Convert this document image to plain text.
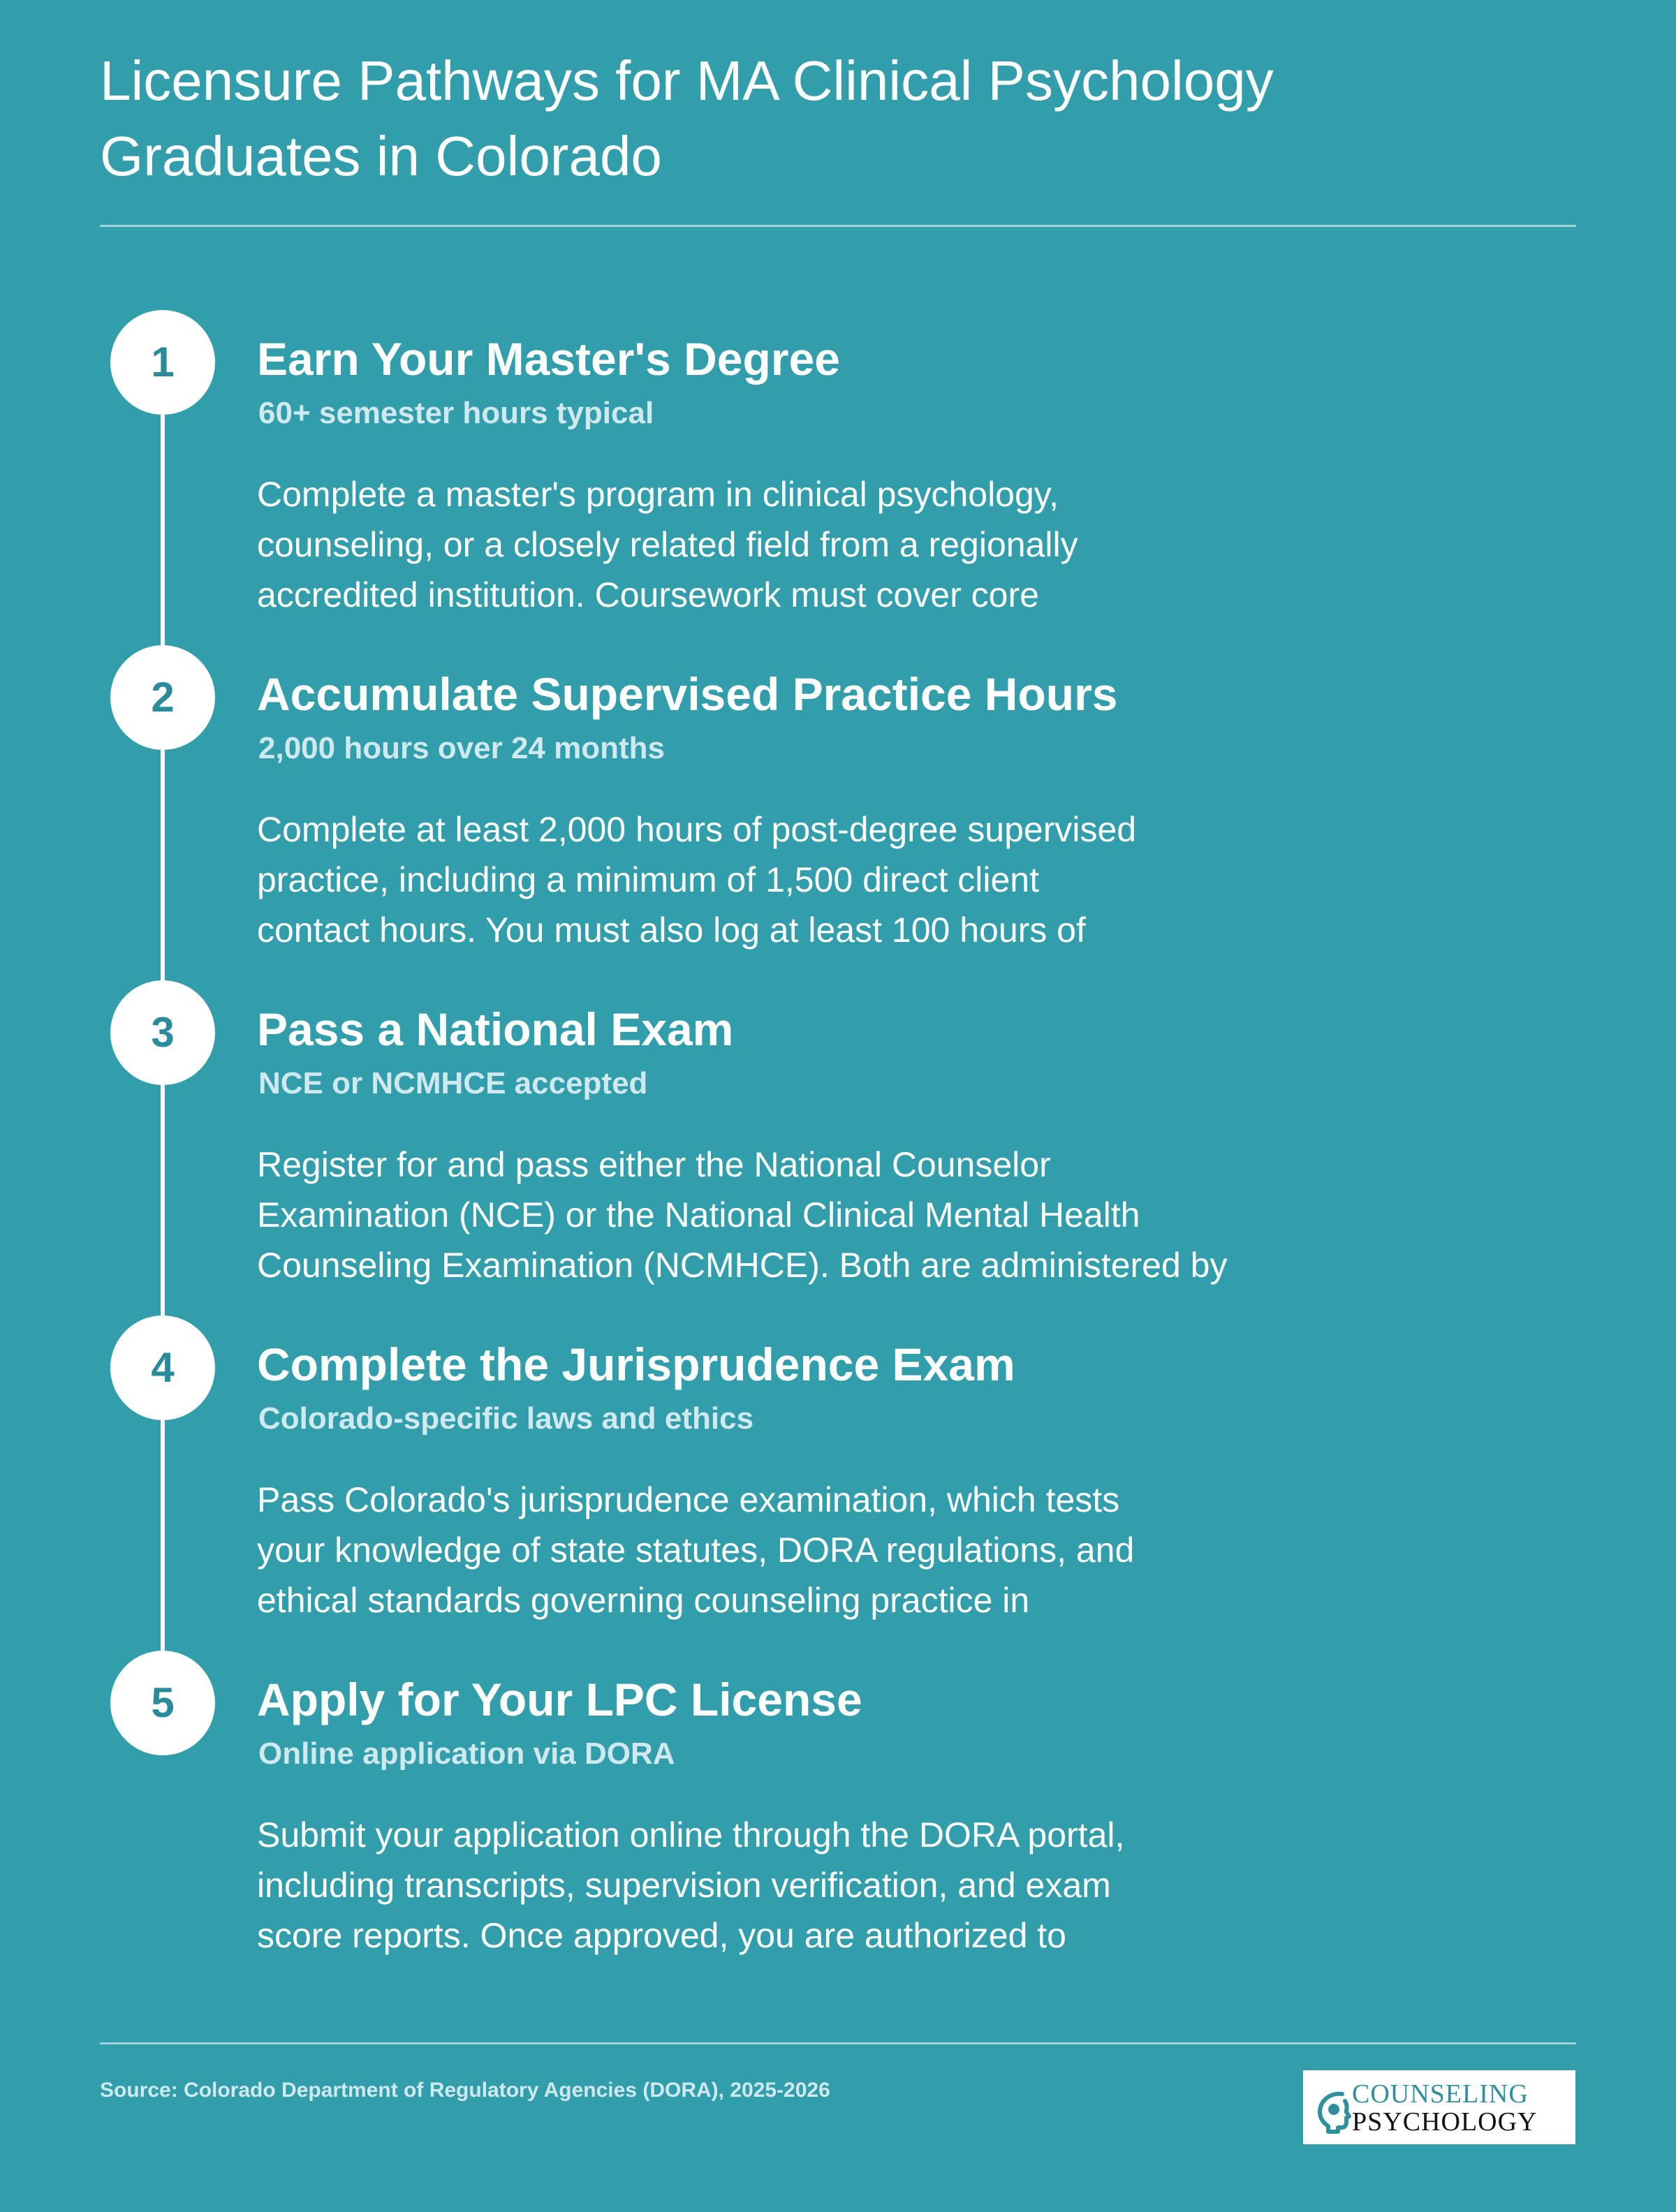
Licensure Pathways for MA Clinical Psychology
Graduates in Colorado
1	Earn Your Master's Degree
60+ semester hours typical
Complete a master's program in clinical psychology,
counseling, or a closely related field from a regionally
accredited institution. Coursework must cover core
2	Accumulate Supervised Practice Hours
2,000 hours over 24 months
Complete at least 2,000 hours of post-degree supervised
practice, including a minimum of 1,500 direct client
contact hours. You must also log at least 100 hours of
3	Pass a National Exam
NCE or NCMHCE accepted
Register for and pass either the National Counselor
Examination (NCE) or the National Clinical Mental Health
Counseling Examination (NCMHCE). Both are administered by
4	Complete the Jurisprudence Exam
Colorado-specific laws and ethics
Pass Colorado's jurisprudence examination, which tests
your knowledge of state statutes, DORA regulations, and
ethical standards governing counseling practice in
5	Apply for Your LPC License
Online application via DORA
Submit your application online through the DORA portal,
including transcripts, supervision verification, and exam
score reports. Once approved, you are authorized to
Source: Colorado Department of Regulatory Agencies (DORA), 2025-2026	COUNSELING
PSYCHOLOGY
